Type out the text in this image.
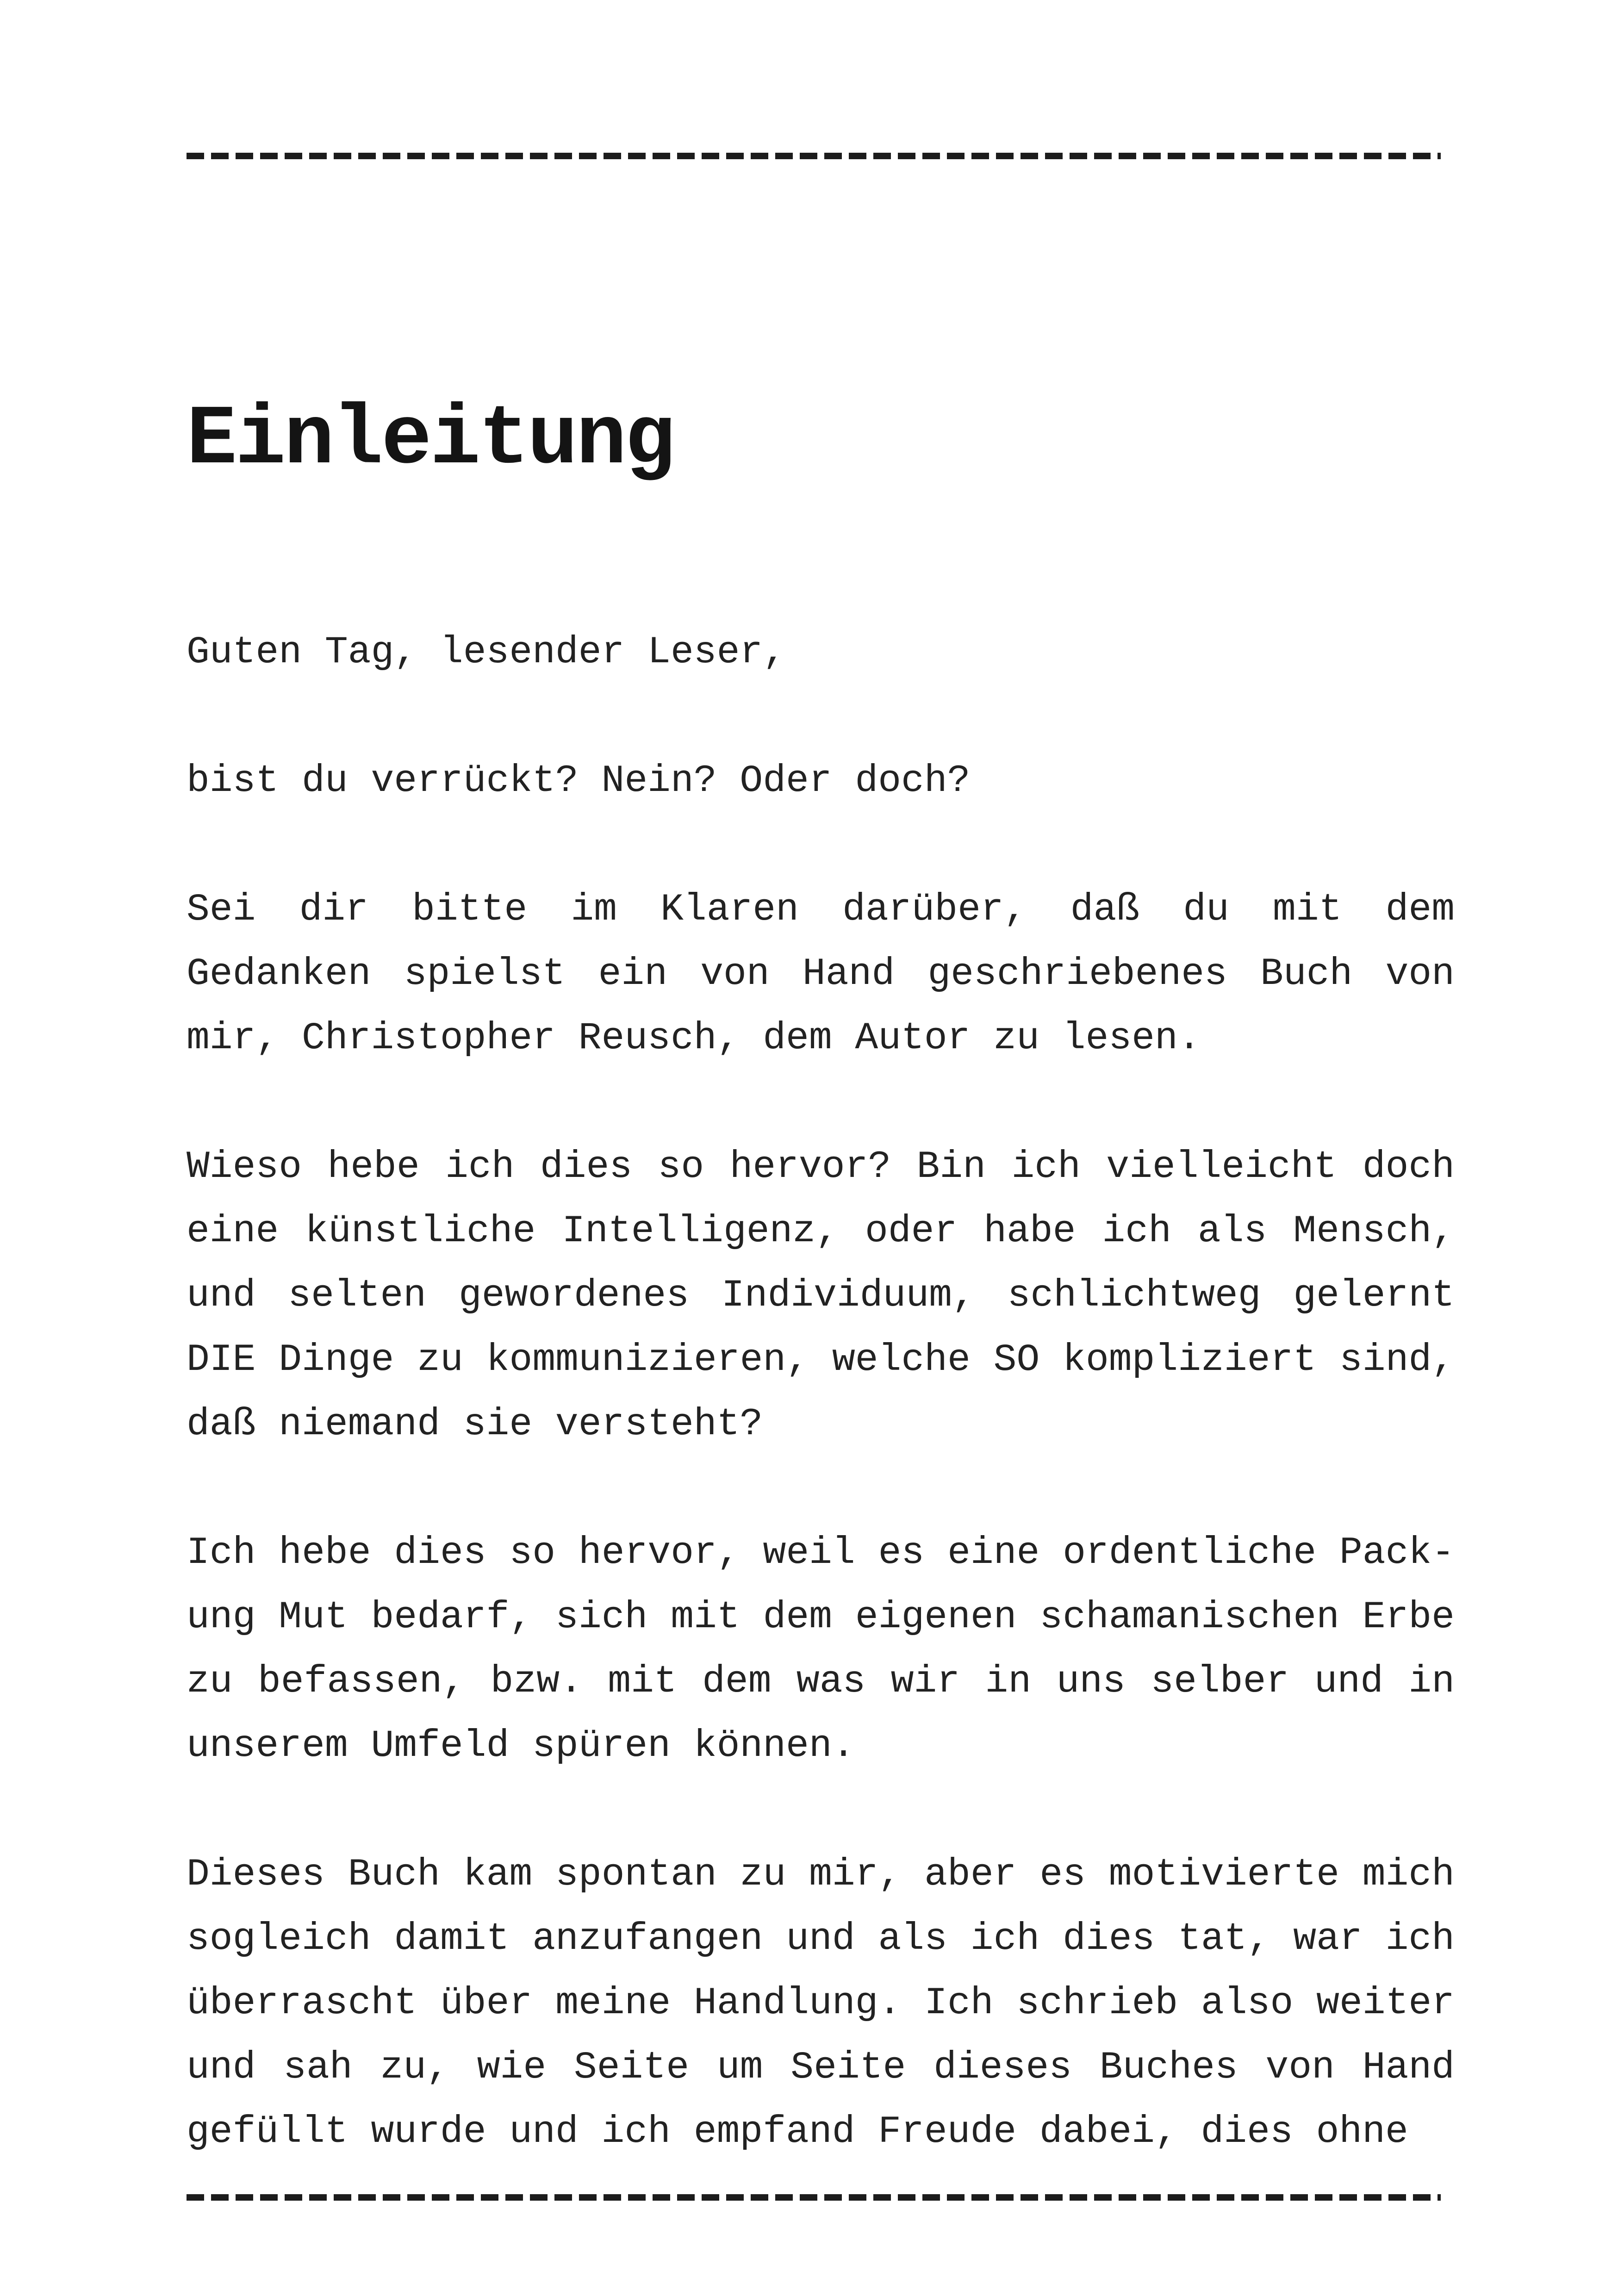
Einleitung

Guten Tag, lesender Leser,

bist du verrückt? Nein? Oder doch?

Sei dir bitte im Klaren darüber, daß du mit dem Gedanken spielst ein von Hand geschriebenes Buch von mir, Christopher Reusch, dem Autor zu lesen.

Wieso hebe ich dies so hervor? Bin ich vielleicht doch eine künstliche Intelligenz, oder habe ich als Mensch, und selten gewordenes Individuum, schlichtweg gelernt DIE Dinge zu kommunizieren, welche SO kompliziert sind, daß niemand sie versteht?

Ich hebe dies so hervor, weil es eine ordentliche Pack- ung Mut bedarf, sich mit dem eigenen schamanischen Erbe zu befassen, bzw. mit dem was wir in uns selber und in unserem Umfeld spüren können.

Dieses Buch kam spontan zu mir, aber es motivierte mich sogleich damit anzufangen und als ich dies tat, war ich überrascht über meine Handlung. Ich schrieb also weiter und sah zu, wie Seite um Seite dieses Buches von Hand gefüllt wurde und ich empfand Freude dabei, dies ohne
